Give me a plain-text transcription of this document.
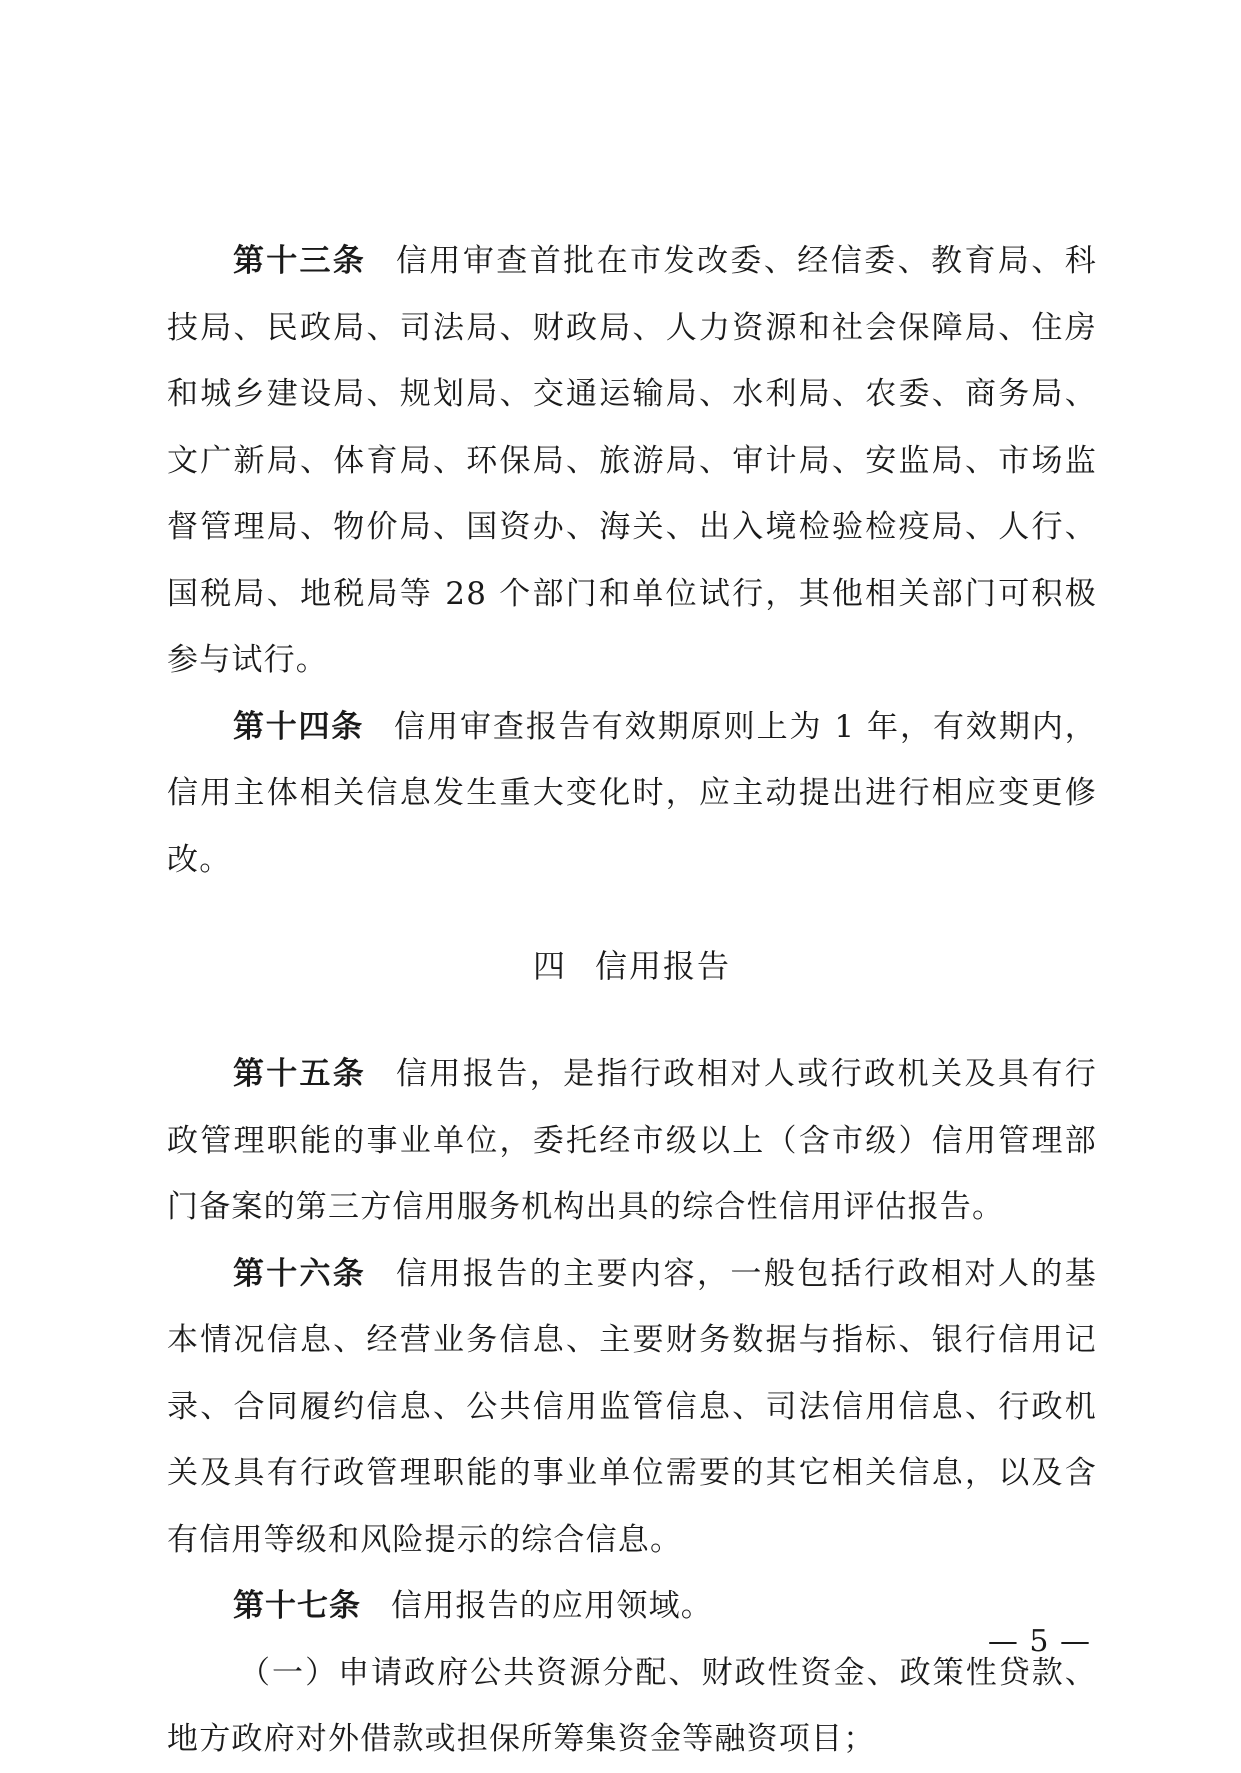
第十三条 信用审查首批在市发改委、经信委、教育局、科技局、民政局、司法局、财政局、人力资源和社会保障局、住房和城乡建设局、规划局、交通运输局、水利局、农委、商务局、文广新局、体育局、环保局、旅游局、审计局、安监局、市场监督管理局、物价局、国资办、海关、出入境检验检疫局、人行、国税局、地税局等 28 个部门和单位试行，其他相关部门可积极参与试行。

第十四条 信用审查报告有效期原则上为 1 年，有效期内，信用主体相关信息发生重大变化时，应主动提出进行相应变更修改。

四 信用报告

第十五条 信用报告，是指行政相对人或行政机关及具有行政管理职能的事业单位，委托经市级以上（含市级）信用管理部门备案的第三方信用服务机构出具的综合性信用评估报告。

第十六条 信用报告的主要内容，一般包括行政相对人的基本情况信息、经营业务信息、主要财务数据与指标、银行信用记录、合同履约信息、公共信用监管信息、司法信用信息、行政机关及具有行政管理职能的事业单位需要的其它相关信息，以及含有信用等级和风险提示的综合信息。

第十七条 信用报告的应用领域。

（一）申请政府公共资源分配、财政性资金、政策性贷款、地方政府对外借款或担保所筹集资金等融资项目；

— 5 —
